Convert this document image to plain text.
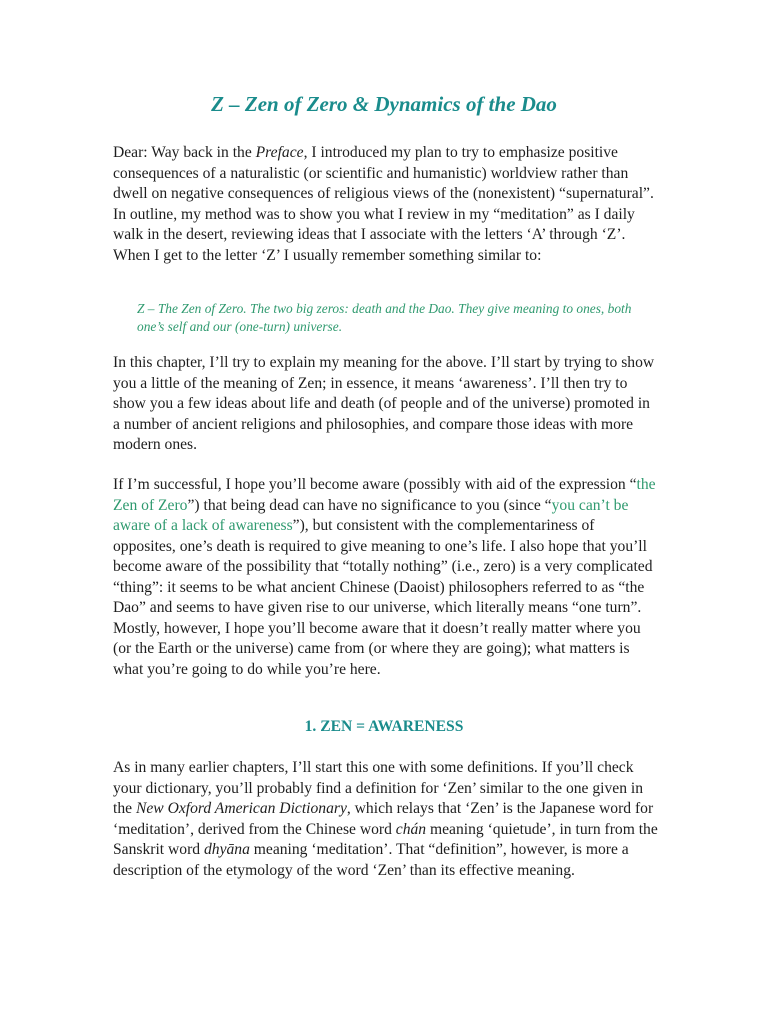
Z – Zen of Zero & Dynamics of the Dao

Dear: Way back in the Preface, I introduced my plan to try to emphasize positive consequences of a naturalistic (or scientific and humanistic) worldview rather than dwell on negative consequences of religious views of the (nonexistent) “supernatural”. In outline, my method was to show you what I review in my “meditation” as I daily walk in the desert, reviewing ideas that I associate with the letters ‘A’ through ‘Z’. When I get to the letter ‘Z’ I usually remember something similar to:

Z – The Zen of Zero. The two big zeros: death and the Dao. They give meaning to ones, both one’s self and our (one-turn) universe.

In this chapter, I’ll try to explain my meaning for the above. I’ll start by trying to show you a little of the meaning of Zen; in essence, it means ‘awareness’. I’ll then try to show you a few ideas about life and death (of people and of the universe) promoted in a number of ancient religions and philosophies, and compare those ideas with more modern ones.

If I’m successful, I hope you’ll become aware (possibly with aid of the expression “the Zen of Zero”) that being dead can have no significance to you (since “you can’t be aware of a lack of awareness”), but consistent with the complementariness of opposites, one’s death is required to give meaning to one’s life. I also hope that you’ll become aware of the possibility that “totally nothing” (i.e., zero) is a very complicated “thing”: it seems to be what ancient Chinese (Daoist) philosophers referred to as “the Dao” and seems to have given rise to our universe, which literally means “one turn”. Mostly, however, I hope you’ll become aware that it doesn’t really matter where you (or the Earth or the universe) came from (or where they are going); what matters is what you’re going to do while you’re here.

1. ZEN = AWARENESS

As in many earlier chapters, I’ll start this one with some definitions. If you’ll check your dictionary, you’ll probably find a definition for ‘Zen’ similar to the one given in the New Oxford American Dictionary, which relays that ‘Zen’ is the Japanese word for ‘meditation’, derived from the Chinese word chán meaning ‘quietude’, in turn from the Sanskrit word dhyāna meaning ‘meditation’. That “definition”, however, is more a description of the etymology of the word ‘Zen’ than its effective meaning.
